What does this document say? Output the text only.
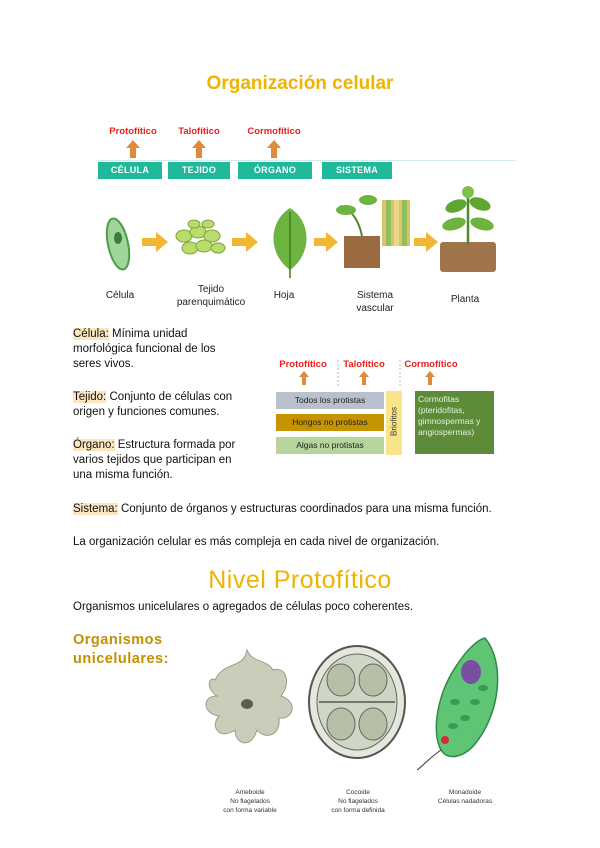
Organización celular
Protofítico	Talofítico	Cormofítico
CÉLULA	TEJIDO	ÓRGANO	SISTEMA
Célula
Tejido
parenquimático
Hoja	Sistema
vascular
Planta
Célula: Mínima unidad
morfológica funcional de los
seres vivos.
Tejido: Conjunto de células con
origen y funciones comunes.
Órgano: Estructura formada por
varios tejidos que participan en
una misma función.
Protofítico	Talofítico	Cormofítico
Todos los protistas
Hongos no protistas
Algas no protistas
Briofitos
Cormofitas (pteridofitas, gimnospermas y angiospermas)
Sistema: Conjunto de órganos y estructuras coordinados para una misma función.
La organización celular es más compleja en cada nivel de organización.
Nivel Protofítico
Organismos unicelulares o agregados de células poco coherentes.
Organismos
unicelulares:
Ameboide
No flagelados
con forma variable
Cocoide
No flagelados
con forma definida
Monadoide
Células nadadoras
